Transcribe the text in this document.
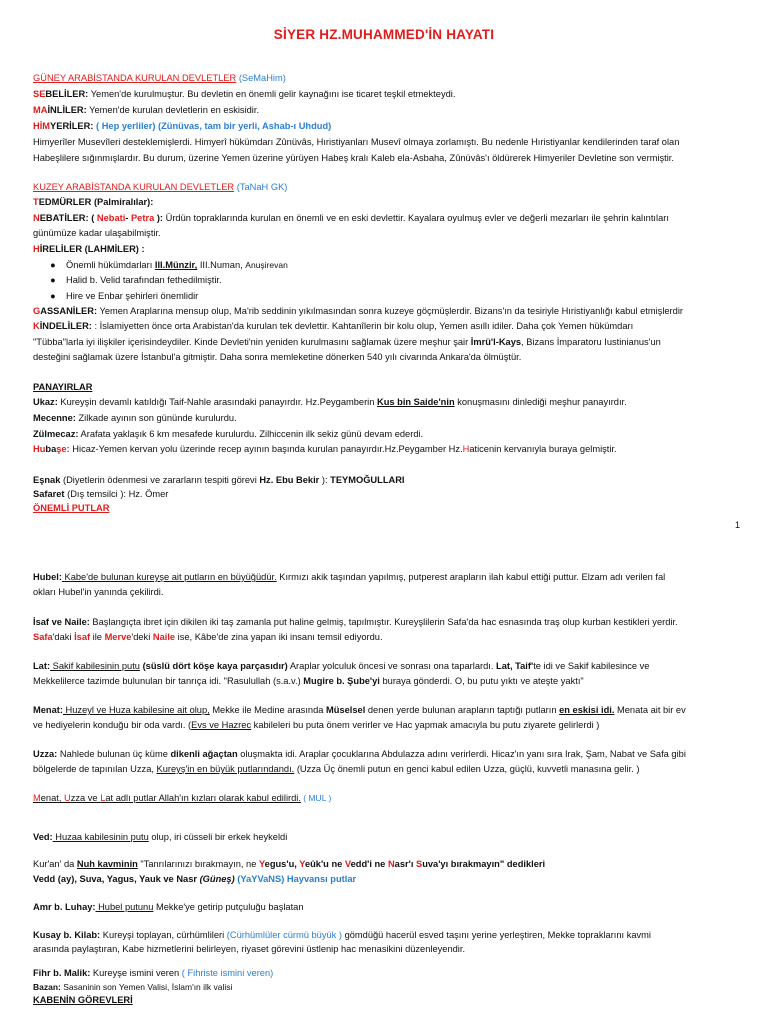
SİYER HZ.MUHAMMED'İN HAYATI
GÜNEY ARABİSTANDA KURULAN DEVLETLER (SeMaHim)
SEBELİLER: Yemen'de kurulmuştur. Bu devletin en önemli gelir kaynağını ise ticaret teşkil etmekteydi.
MAİNLİLER: Yemen'de kurulan devletlerin en eskisidir.
HİMYERİLER: ( Hep yerliler) (Zünüvas, tam bir yerli, Ashab-ı Uhdud)
Himyerîler Musevîleri desteklemişlerdi. Himyerî hükümdarı Zûnüvâs, Hıristiyanları Musevî olmaya zorlamıştı. Bu nedenle Hıristiyanlar kendilerinden taraf olan
Habeşlilere sığınmışlardır. Bu durum, üzerine Yemen üzerine yürüyen Habeş kralı Kaleb ela-Asbaha, Zûnüvâs'ı öldürerek Himyeriler Devletine son vermiştir.
KUZEY ARABİSTANDA KURULAN DEVLETLER (TaNaH GK)
TEDMÜRLER (Palmiralılar):
NEBATİLER: ( Nebati- Petra ): Ürdün topraklarında kurulan en önemli ve en eski devlettir. Kayalara oyulmuş evler ve değerli mezarları ile şehrin kalıntıları
günümüze kadar ulaşabilmiştir.
HİRELİLER (LAHMİLER) :
● Önemli hükümdarları III.Münzir, III.Numan, Anuşirevan
● Halid b. Velid tarafından fethedilmiştir.
● Hire ve Enbar şehirleri önemlidir
GASSANİLER: Yemen Araplarına mensup olup, Ma'rib seddinin yıkılmasından sonra kuzeye göçmüşlerdir. Bizans'ın da tesiriyle Hıristiyanlığı kabul etmişlerdir
KİNDELİLER: : İslamiyetten önce orta Arabistan'da kurulan tek devlettir. Kahtanîlerin bir kolu olup, Yemen asıllı idiler. Daha çok Yemen hükümdarı
"Tübba"larla iyi ilişkiler içerisindeydiler. Kinde Devleti'nin yeniden kurulmasını sağlamak üzere meşhur şair İmrü'l-Kays, Bizans İmparatoru Iustinianus'un
desteğini sağlamak üzere İstanbul'a gitmiştir. Daha sonra memleketine dönerken 540 yılı civarında Ankara'da ölmüştür.
PANAYIRLAR
Ukaz: Kureyşin devamlı katıldığı Taif-Nahle arasındaki panayırdır. Hz.Peygamberin Kus bin Saide'nin konuşmasını dinlediği meşhur panayırdır.
Mecenne: Zilkade ayının son gününde kurulurdu.
Zülmecaz: Arafata yaklaşık 6 km mesafede kurulurdu. Zilhiccenin ilk sekiz günü devam ederdi.
Hubaşe: Hicaz-Yemen kervan yolu üzerinde recep ayının başında kurulan panayırdır.Hz.Peygamber Hz.Haticenin kervanıyla buraya gelmiştir.
Eşnak (Diyetlerin ödenmesi ve zararların tespiti görevi Hz. Ebu Bekir ): TEYMOĞULLARI
Safaret (Dış temsilci ): Hz. Ömer
ÖNEMLİ PUTLAR
1
Hubel: Kabe'de bulunan kureyşe ait putların en büyüğüdür. Kırmızı akik taşından yapılmış, putperest arapların ilah kabul ettiği puttur. Elzam adı verilen fal
okları Hubel'in yanında çekilirdi.
İsaf ve Naile: Başlangıçta ibret için dikilen iki taş zamanla put haline gelmiş, tapılmıştır. Kureyşlilerin Safa'da hac esnasında traş olup kurban kestikleri yerdir.
Safa'daki İsaf ile Merve'deki Naile ise, Kâbe'de zina yapan iki insanı temsil ediyordu.
Lat: Sakif kabilesinin putu (süslü dört köşe kaya parçasıdır) Araplar yolculuk öncesi ve sonrası ona taparlardı. Lat, Taif'te idi ve Sakif kabilesince ve
Mekkelilerce tazimde bulunulan bir tanrıça idi. "Rasulullah (s.a.v.) Mugire b. Şube'yi buraya gönderdi. O, bu putu yıktı ve ateşte yaktı"
Menat: Huzeyl ve Huza kabilesine ait olup, Mekke ile Medine arasında Müselsel denen yerde bulunan arapların taptığı putların en eskisi idi. Menata ait bir ev
ve hediyelerin konduğu bir oda vardı. (Evs ve Hazrec kabileleri bu puta önem verirler ve Hac yapmak amacıyla bu putu ziyarete gelirlerdi )
Uzza: Nahlede bulunan üç küme dikenli ağaçtan oluşmakta idi. Araplar çocuklarına Abdulazza adını verirlerdi. Hicaz'ın yanı sıra Irak, Şam, Nabat ve Safa gibi
bölgelerde de tapınılan Uzza, Kureyş'in en büyük putlarındandı. (Uzza Üç önemli putun en genci kabul edilen Uzza, güçlü, kuvvetli manasına gelir. )
Menat, Uzza ve Lat adlı putlar Allah'ın kızları olarak kabul edilirdi. ( MUL )
Ved: Huzaa kabilesinin putu olup, iri cüsseli bir erkek heykeldi
Kur'an' da Nuh kavminin "Tanrılarınızı bırakmayın, ne Yegus'u, Yeûk'u ne Vedd'i ne Nasr'ı Suva'yı bırakmayın" dedikleri
Vedd (ay), Suva, Yagus, Yauk ve Nasr (Güneş) (YaYVaNS) Hayvansı putlar
Amr b. Luhay: Hubel putunu Mekke'ye getirip putçuluğu başlatan
Kusay b. Kilab: Kureyşi toplayan, cürhümlileri (Cürhümlüler cürmü büyük ) gömdüğü hacerül esved taşını yerine yerleştiren, Mekke topraklarını kavmi
arasında paylaştıran, Kabe hizmetlerini belirleyen, riyaset görevini üstlenip hac menasikini düzenleyendir.
Fihr b. Malik: Kureyşe ismini veren ( Fihriste ismini veren)
Bazan: Sasaninin son Yemen Valisi, İslam'ın ilk valisi
KABENİN GÖREVLERİ
